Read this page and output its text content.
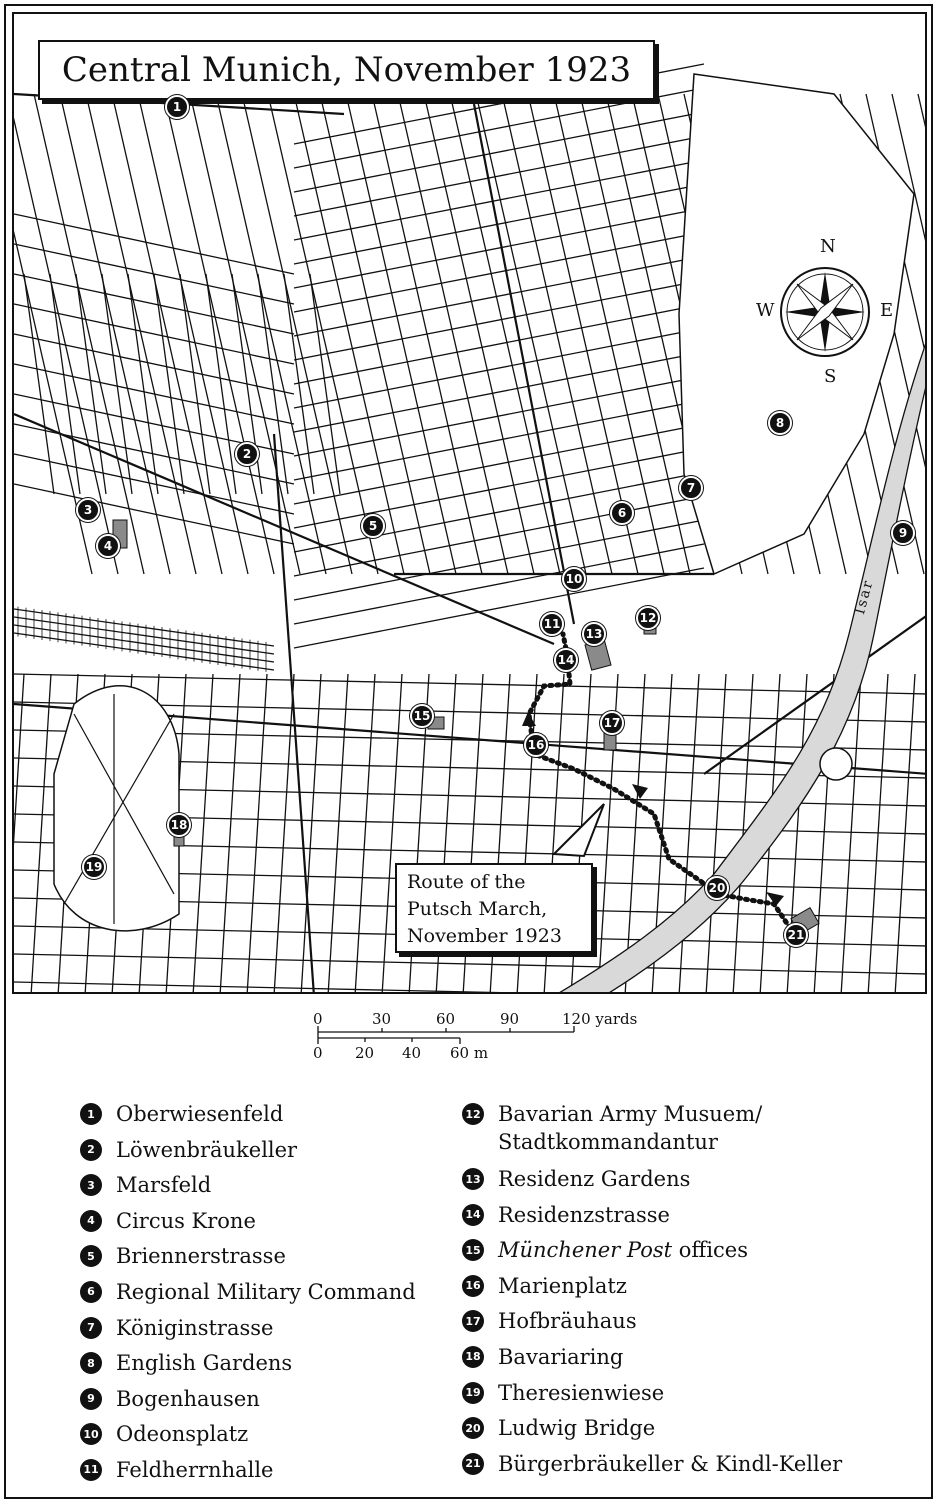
Central Munich, November 1923
N
S
E
W
Isar
Route of the
Putsch March,
November 1923
1
2
3
4
5
6
7
8
9
10
11	12
13
14
15
16
17
18
19
20
21
0	30	60	90	120 yards
0 20 40 60 m
1	Oberwiesenfeld
2	Löwenbräukeller
3	Marsfeld
4	Circus Krone
5	Briennerstrasse
6	Regional Military Command
7	Königinstrasse
8	English Gardens
9	Bogenhausen
10 Odeonsplatz
11 Feldherrnhalle
12 Bavarian Army Musuem/
Stadtkommandantur
13 Residenz Gardens
14 Residenzstrasse
15 Münchener Post offices
16 Marienplatz
17 Hofbräuhaus
18 Bavariaring
19 Theresienwiese
20 Ludwig Bridge
21 Bürgerbräukeller & Kindl-Keller
